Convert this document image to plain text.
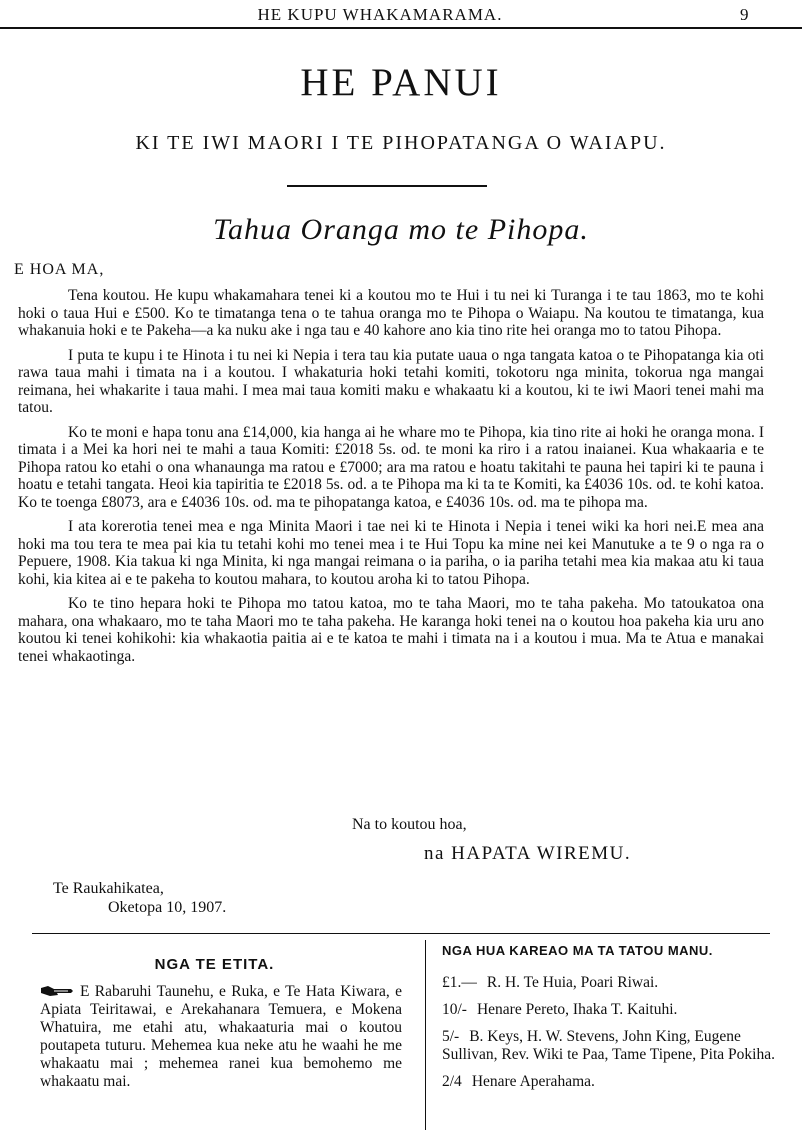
HE KUPU WHAKAMARAMA.	9
HE PANUI
KI TE IWI MAORI I TE PIHOPATANGA O WAIAPU.
Tahua Oranga mo te Pihopa.
E HOA MA,

Tena koutou. He kupu whakamahara tenei ki a koutou mo te Hui i tu nei ki Turanga i te tau 1863, mo te kohi hoki o taua Hui e £500. Ko te timatanga tena o te tahua oranga mo te Pihopa o Waiapu. Na koutou te timatanga, kua whakanuia hoki e te Pakeha—a ka nuku ake i nga tau e 40 kahore ano kia tino rite hei oranga mo to tatou Pihopa.

I puta te kupu i te Hinota i tu nei ki Nepia i tera tau kia putate uaua o nga tangata katoa o te Pihopatanga kia oti rawa taua mahi i timata na i a koutou. I whakaturia hoki tetahi komiti, tokotoru nga minita, tokorua nga mangai reimana, hei whakarite i taua mahi. I mea mai taua komiti maku e whakaatu ki a koutou, ki te iwi Maori tenei mahi ma tatou.

Ko te moni e hapa tonu ana £14,000, kia hanga ai he whare mo te Pihopa, kia tino rite ai hoki he oranga mona. I timata i a Mei ka hori nei te mahi a taua Komiti: £2018 5s. od. te moni ka riro i a ratou inaianei. Kua whakaaria e te Pihopa ratou ko etahi o ona whanaunga ma ratou e £7000; ara ma ratou e hoatu takitahi te pauna hei tapiri ki te pauna i hoatu e tetahi tangata. Heoi kia tapiritia te £2018 5s. od. a te Pihopa ma ki ta te Komiti, ka £4036 10s. od. te kohi katoa. Ko te toenga £8073, ara e £4036 10s. od. ma te pihopatanga katoa, e £4036 10s. od. ma te pihopa ma.

I ata korerotia tenei mea e nga Minita Maori i tae nei ki te Hinota i Nepia i tenei wiki ka hori nei.E mea ana hoki ma tou tera te mea pai kia tu tetahi kohi mo tenei mea i te Hui Topu ka mine nei kei Manutuke a te 9 o nga ra o Pepuere, 1908. Kia takua ki nga Minita, ki nga mangai reimana o ia pariha, o ia pariha tetahi mea kia makaa atu ki taua kohi, kia kitea ai e te pakeha to koutou mahara, to koutou aroha ki to tatou Pihopa.

Ko te tino hepara hoki te Pihopa mo tatou katoa, mo te taha Maori, mo te taha pakeha. Mo tatoukatoa ona mahara, ona whakaaro, mo te taha Maori mo te taha pakeha. He karanga hoki tenei na o koutou hoa pakeha kia uru ano koutou ki tenei kohikohi: kia whakaotia paitia ai e te katoa te mahi i timata na i a koutou i mua. Ma te Atua e manakai tenei whakaotinga.

Na to koutou hoa,
na HAPATA WIREMU.
Te Raukahikatea,
Oketopa 10, 1907.
NGA TE ETITA.
E Rabaruhi Taunehu, e Ruka, e Te Hata Kiwara, e Apiata Teiritawai, e Arekahanara Temuera, e Mokena Whatuira, me etahi atu, whakaaturia mai o koutou poutapeta tuturu. Mehemea kua neke atu he waahi he me whakaatu mai ; mehemea ranei kua bemohemo me whakaatu mai.
NGA HUA KAREAO MA TA TATOU MANU.
£1.— R. H. Te Huia, Poari Riwai.
10/- Henare Pereto, Ihaka T. Kaituhi.
5/- B. Keys, H. W. Stevens, John King, Eugene Sullivan, Rev. Wiki te Paa, Tame Tipene, Pita Pokiha.
2/4 Henare Aperahama.
